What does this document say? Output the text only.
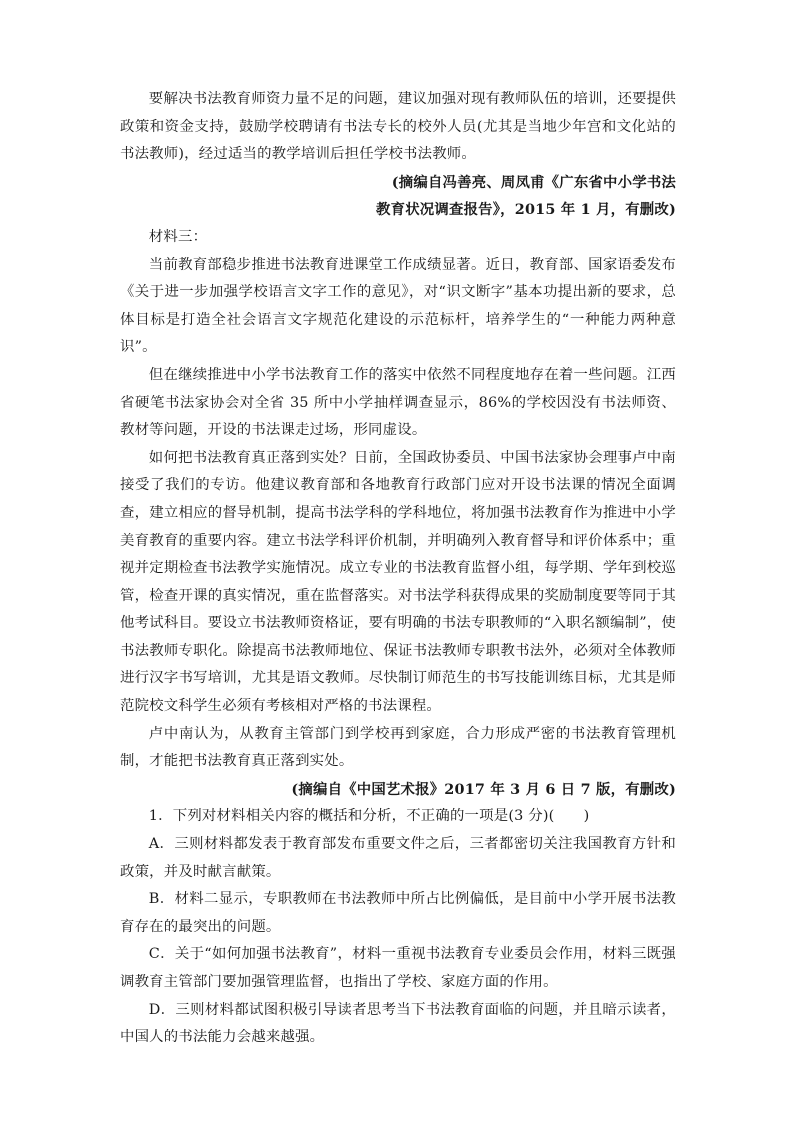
要解决书法教育师资力量不足的问题，建议加强对现有教师队伍的培训，还要提供政策和资金支持，鼓励学校聘请有书法专长的校外人员(尤其是当地少年宫和文化站的书法教师)，经过适当的教学培训后担任学校书法教师。

(摘编自冯善亮、周凤甫《广东省中小学书法

教育状况调查报告》，2015 年 1 月，有删改)

材料三：

当前教育部稳步推进书法教育进课堂工作成绩显著。近日，教育部、国家语委发布《关于进一步加强学校语言文字工作的意见》，对“识文断字”基本功提出新的要求，总体目标是打造全社会语言文字规范化建设的示范标杆，培养学生的“一种能力两种意识”。

但在继续推进中小学书法教育工作的落实中依然不同程度地存在着一些问题。江西省硬笔书法家协会对全省 35 所中小学抽样调查显示，86%的学校因没有书法师资、教材等问题，开设的书法课走过场，形同虚设。

如何把书法教育真正落到实处？日前，全国政协委员、中国书法家协会理事卢中南接受了我们的专访。他建议教育部和各地教育行政部门应对开设书法课的情况全面调查，建立相应的督导机制，提高书法学科的学科地位，将加强书法教育作为推进中小学美育教育的重要内容。建立书法学科评价机制，并明确列入教育督导和评价体系中；重视并定期检查书法教学实施情况。成立专业的书法教育监督小组，每学期、学年到校巡管，检查开课的真实情况，重在监督落实。对书法学科获得成果的奖励制度要等同于其他考试科目。要设立书法教师资格证，要有明确的书法专职教师的“入职名额编制”，使书法教师专职化。除提高书法教师地位、保证书法教师专职教书法外，必须对全体教师进行汉字书写培训，尤其是语文教师。尽快制订师范生的书写技能训练目标，尤其是师范院校文科学生必须有考核相对严格的书法课程。

卢中南认为，从教育主管部门到学校再到家庭，合力形成严密的书法教育管理机制，才能把书法教育真正落到实处。

(摘编自《中国艺术报》2017 年 3 月 6 日 7 版，有删改)

1．下列对材料相关内容的概括和分析，不正确的一项是(3 分)(　　)

A．三则材料都发表于教育部发布重要文件之后，三者都密切关注我国教育方针和政策，并及时献言献策。

B．材料二显示，专职教师在书法教师中所占比例偏低，是目前中小学开展书法教育存在的最突出的问题。

C．关于“如何加强书法教育”，材料一重视书法教育专业委员会作用，材料三既强调教育主管部门要加强管理监督，也指出了学校、家庭方面的作用。

D．三则材料都试图积极引导读者思考当下书法教育面临的问题，并且暗示读者，中国人的书法能力会越来越强。
